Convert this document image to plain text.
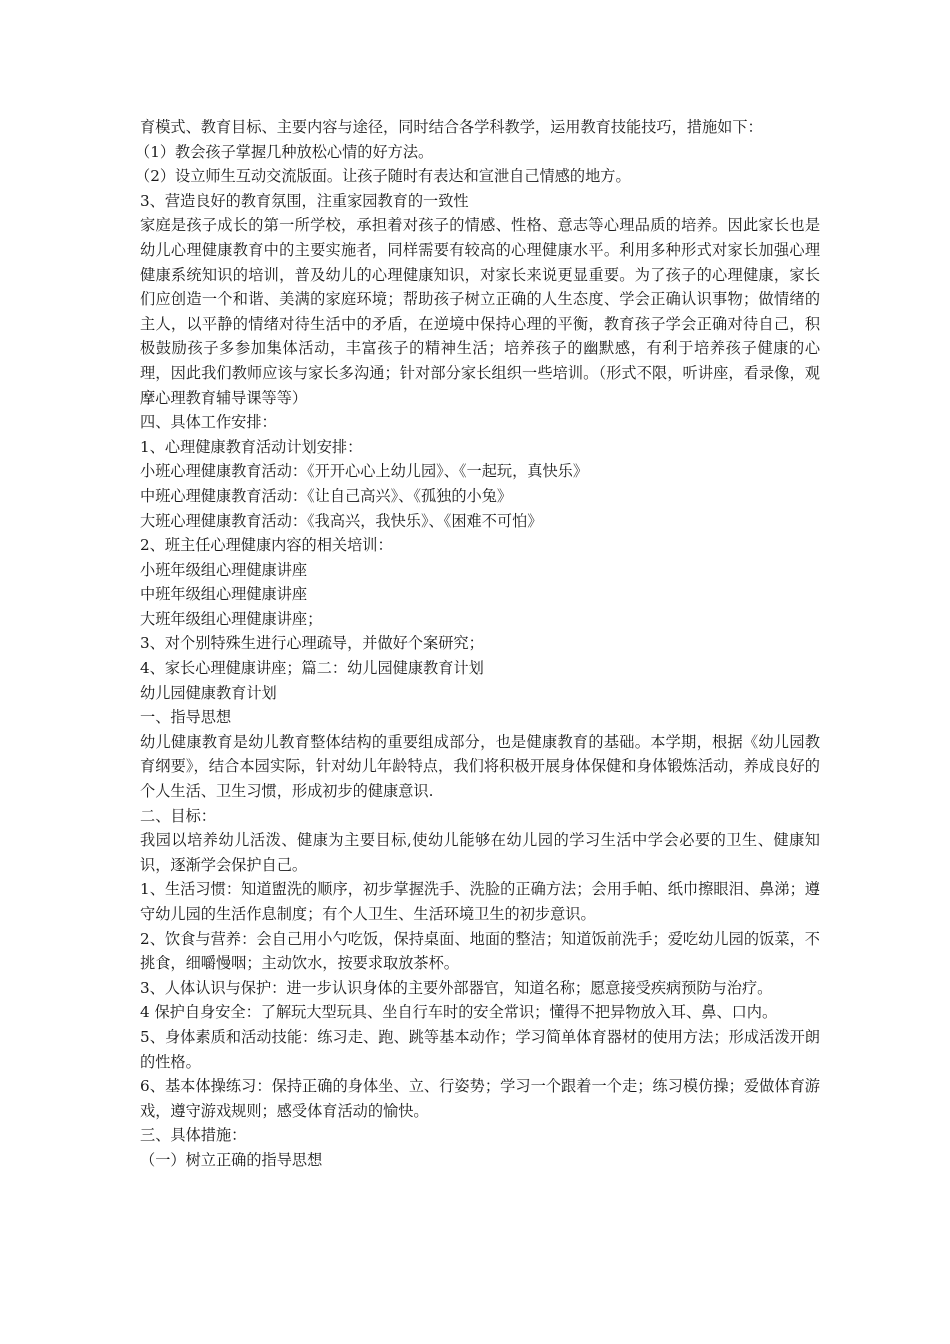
育模式、教育目标、主要内容与途径，同时结合各学科教学，运用教育技能技巧，措施如下：

（1）教会孩子掌握几种放松心情的好方法。

（2）设立师生互动交流版面。让孩子随时有表达和宣泄自己情感的地方。

3、营造良好的教育氛围，注重家园教育的一致性

家庭是孩子成长的第一所学校，承担着对孩子的情感、性格、意志等心理品质的培养。因此家长也是幼儿心理健康教育中的主要实施者，同样需要有较高的心理健康水平。利用多种形式对家长加强心理健康系统知识的培训，普及幼儿的心理健康知识，对家长来说更显重要。为了孩子的心理健康，家长们应创造一个和谐、美满的家庭环境；帮助孩子树立正确的人生态度、学会正确认识事物；做情绪的主人，以平静的情绪对待生活中的矛盾，在逆境中保持心理的平衡，教育孩子学会正确对待自己，积极鼓励孩子多参加集体活动，丰富孩子的精神生活；培养孩子的幽默感，有利于培养孩子健康的心理，因此我们教师应该与家长多沟通；针对部分家长组织一些培训。（形式不限，听讲座，看录像，观摩心理教育辅导课等等）

四、具体工作安排：

1、心理健康教育活动计划安排：

小班心理健康教育活动：《开开心心上幼儿园》、《一起玩，真快乐》

中班心理健康教育活动：《让自己高兴》、《孤独的小兔》

大班心理健康教育活动：《我高兴，我快乐》、《困难不可怕》

2、班主任心理健康内容的相关培训：

小班年级组心理健康讲座

中班年级组心理健康讲座

大班年级组心理健康讲座；

3、对个别特殊生进行心理疏导，并做好个案研究；

4、家长心理健康讲座；篇二：幼儿园健康教育计划

幼儿园健康教育计划

一、指导思想

幼儿健康教育是幼儿教育整体结构的重要组成部分，也是健康教育的基础。本学期，根据《幼儿园教育纲要》，结合本园实际，针对幼儿年龄特点，我们将积极开展身体保健和身体锻炼活动，养成良好的个人生活、卫生习惯，形成初步的健康意识.

二、目标：

我园以培养幼儿活泼、健康为主要目标,使幼儿能够在幼儿园的学习生活中学会必要的卫生、健康知识，逐渐学会保护自己。

1、生活习惯：知道盥洗的顺序，初步掌握洗手、洗脸的正确方法；会用手帕、纸巾擦眼泪、鼻涕；遵守幼儿园的生活作息制度；有个人卫生、生活环境卫生的初步意识。

2、饮食与营养：会自己用小勺吃饭，保持桌面、地面的整洁；知道饭前洗手；爱吃幼儿园的饭菜，不挑食，细嚼慢咽；主动饮水，按要求取放茶杯。

3、人体认识与保护：进一步认识身体的主要外部器官，知道名称；愿意接受疾病预防与治疗。

4 保护自身安全：了解玩大型玩具、坐自行车时的安全常识；懂得不把异物放入耳、鼻、口内。

5、身体素质和活动技能：练习走、跑、跳等基本动作；学习简单体育器材的使用方法；形成活泼开朗的性格。

6、基本体操练习：保持正确的身体坐、立、行姿势；学习一个跟着一个走；练习模仿操；爱做体育游戏，遵守游戏规则；感受体育活动的愉快。

三、具体措施：

（一）树立正确的指导思想
